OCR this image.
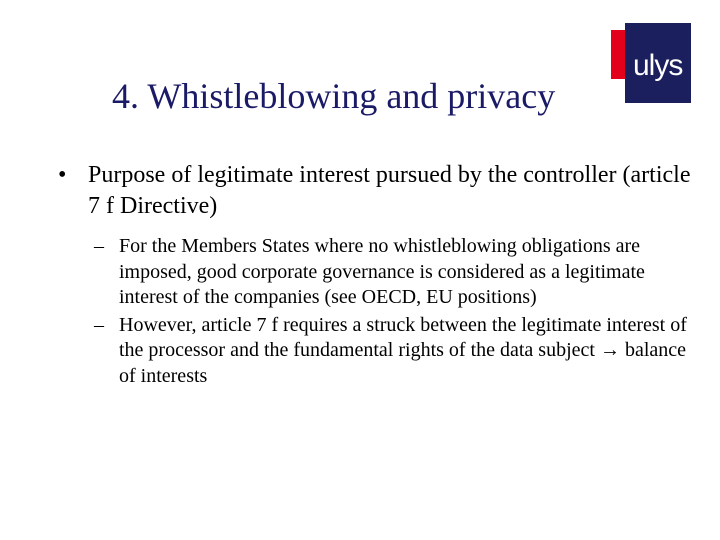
4. Whistleblowing and privacy
ulys
• Purpose of legitimate interest pursued by the controller (article 7 f Directive)
– For the Members States where no whistleblowing obligations are imposed, good corporate governance is considered as a legitimate interest of the companies (see OECD, EU positions)
– However, article 7 f requires a struck between the legitimate interest of the processor and the fundamental rights of the data subject → balance of interests
